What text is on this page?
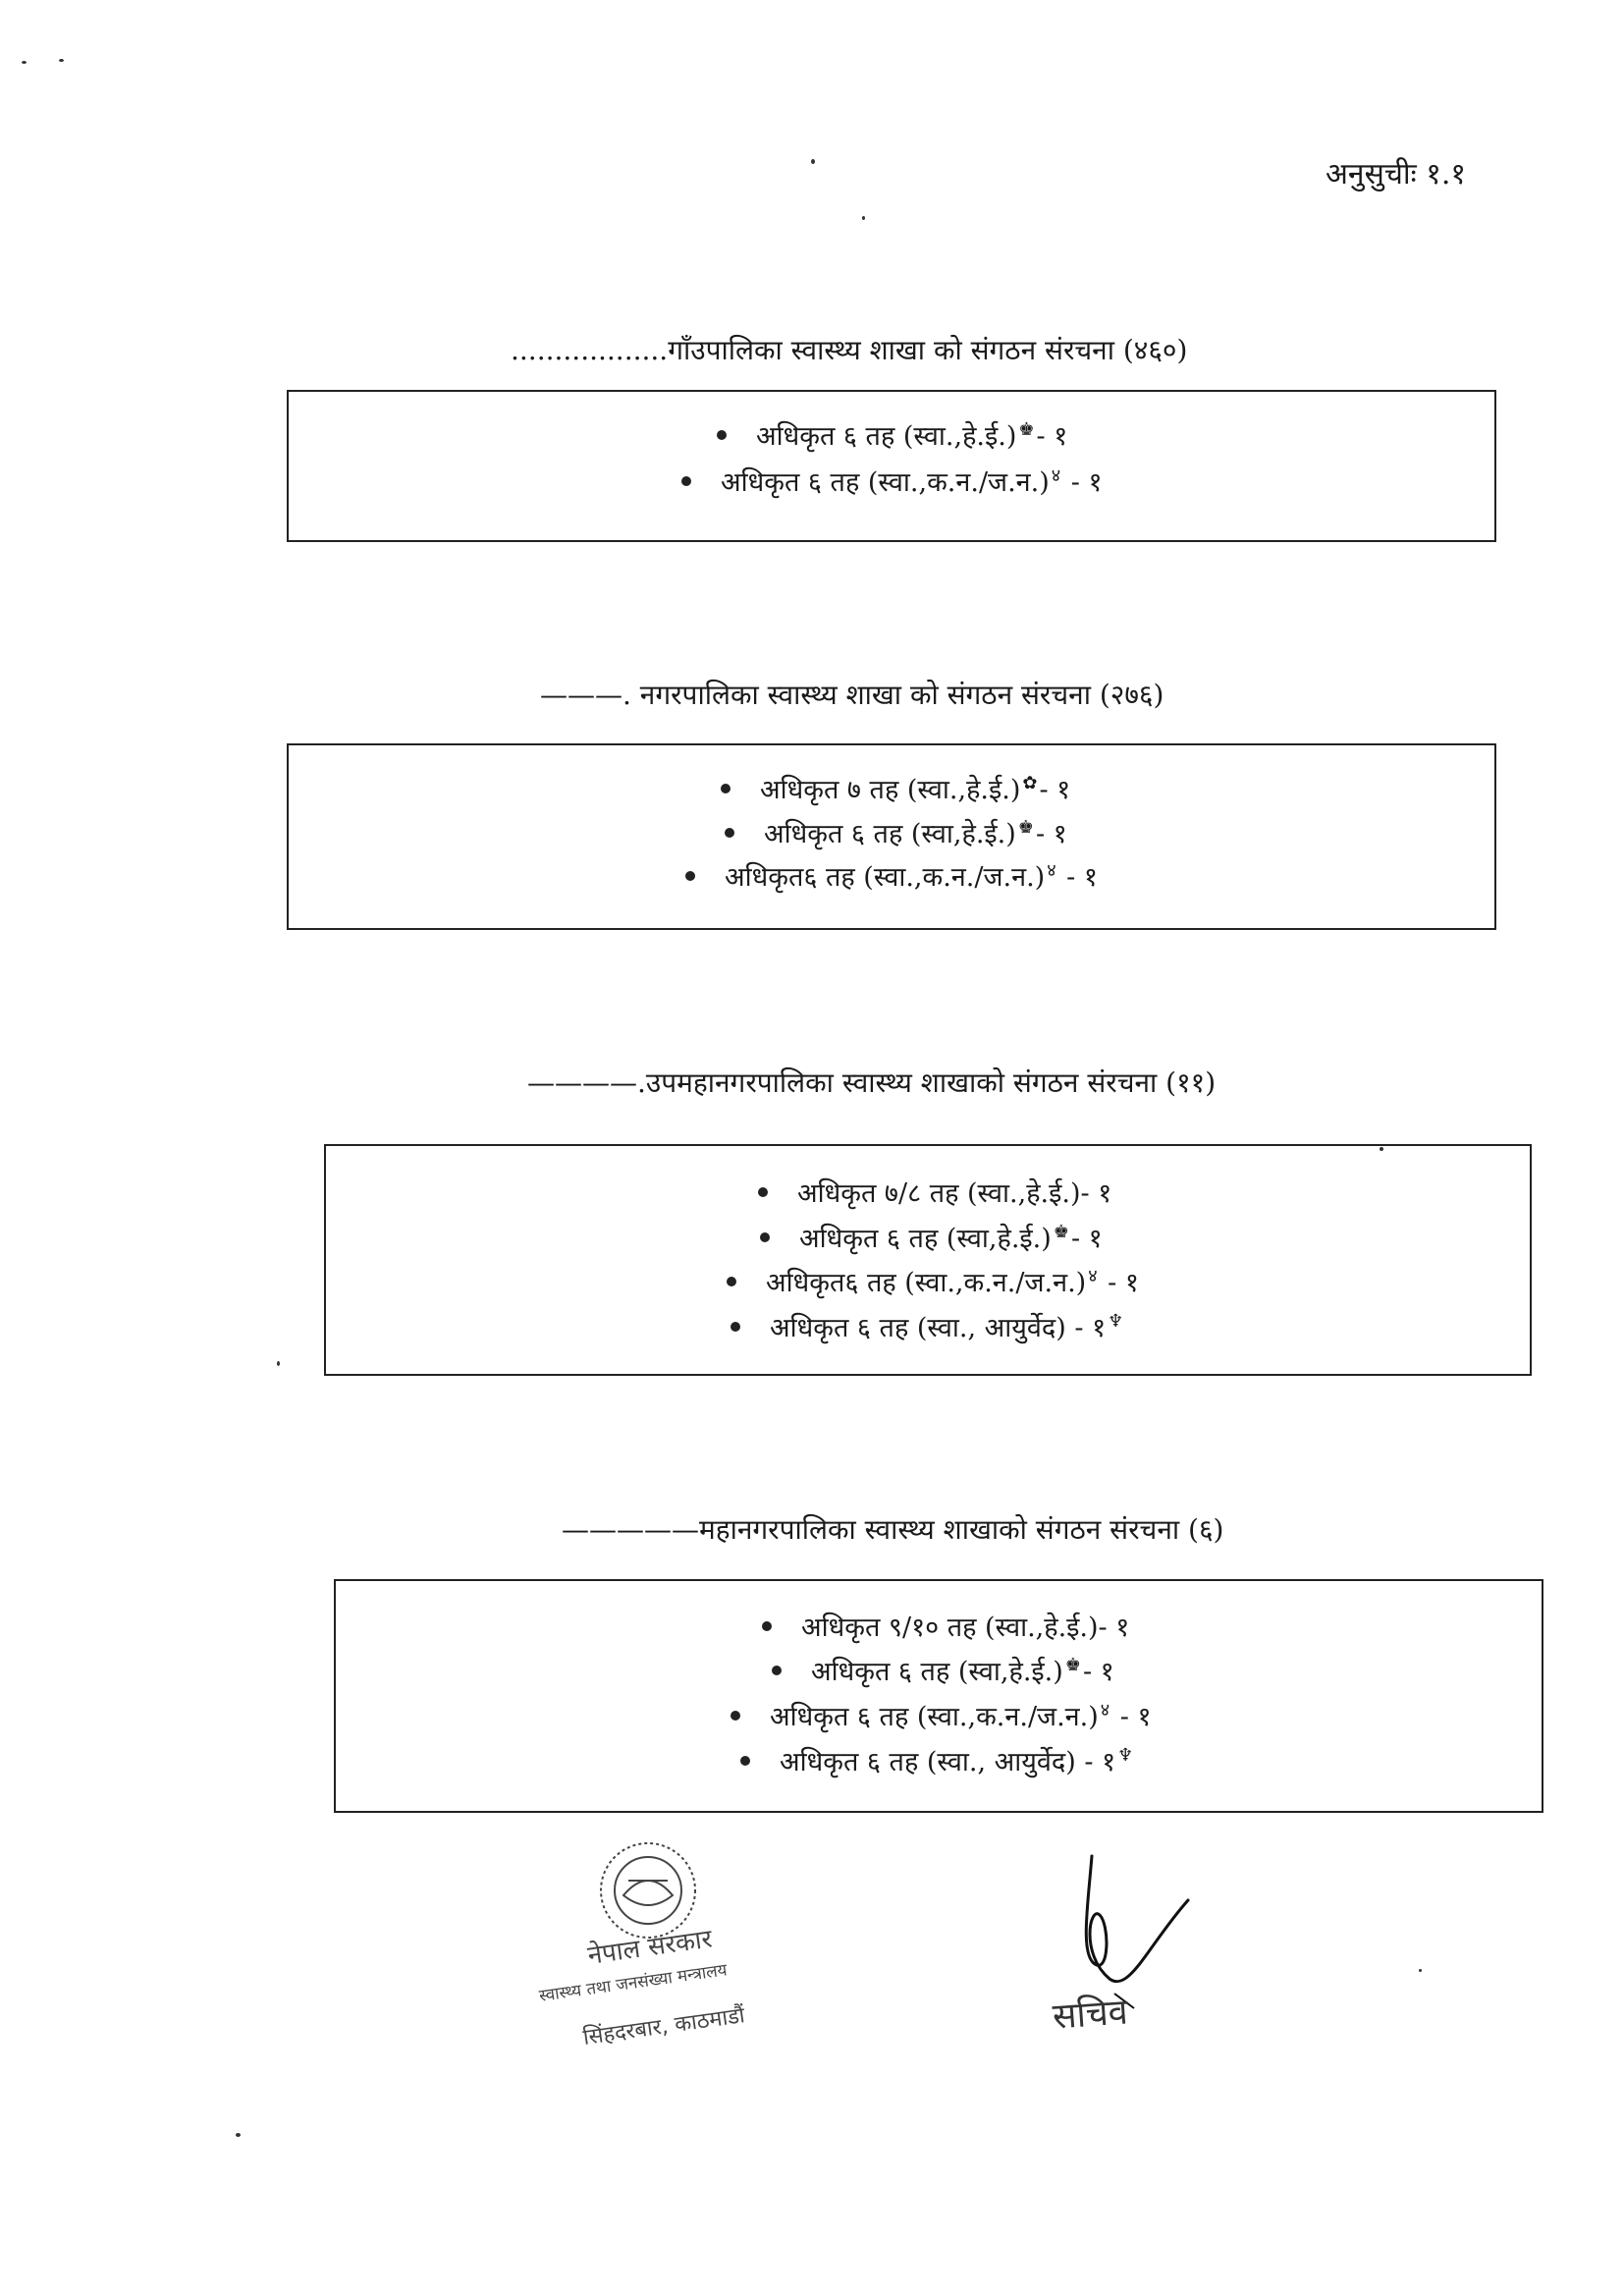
अनुसुचीः १.१
..................गाँउपालिका स्वास्थ्य शाखा को संगठन संरचना (४६०)
अधिकृत ६ तह (स्वा.,हे.ई.) ♚- १
अधिकृत ६ तह (स्वा.,क.न./ज.न.) ४ - १
———. नगरपालिका स्वास्थ्य शाखा को संगठन संरचना (२७६)
अधिकृत ७ तह (स्वा.,हे.ई.) ✿- १
अधिकृत ६ तह (स्वा,हे.ई.) ♚- १
अधिकृत६ तह (स्वा.,क.न./ज.न.) ४ - १
————.उपमहानगरपालिका स्वास्थ्य शाखाको संगठन संरचना (११)
अधिकृत ७/८ तह (स्वा.,हे.ई.)- १
अधिकृत ६ तह (स्वा,हे.ई.) ♚- १
अधिकृत६ तह (स्वा.,क.न./ज.न.) ४ - १
अधिकृत ६ तह (स्वा., आयुर्वेद) - १ ♆
—————महानगरपालिका स्वास्थ्य शाखाको संगठन संरचना (६)
अधिकृत ९/१० तह (स्वा.,हे.ई.)- १
अधिकृत ६ तह (स्वा,हे.ई.) ♚- १
अधिकृत ६ तह (स्वा.,क.न./ज.न.) ४ - १
अधिकृत ६ तह (स्वा., आयुर्वेद) - १ ♆
नेपाल सरकार
स्वास्थ्य तथा जनसंख्या मन्त्रालय
सिंहदरबार, काठमाडौं	सचिव
